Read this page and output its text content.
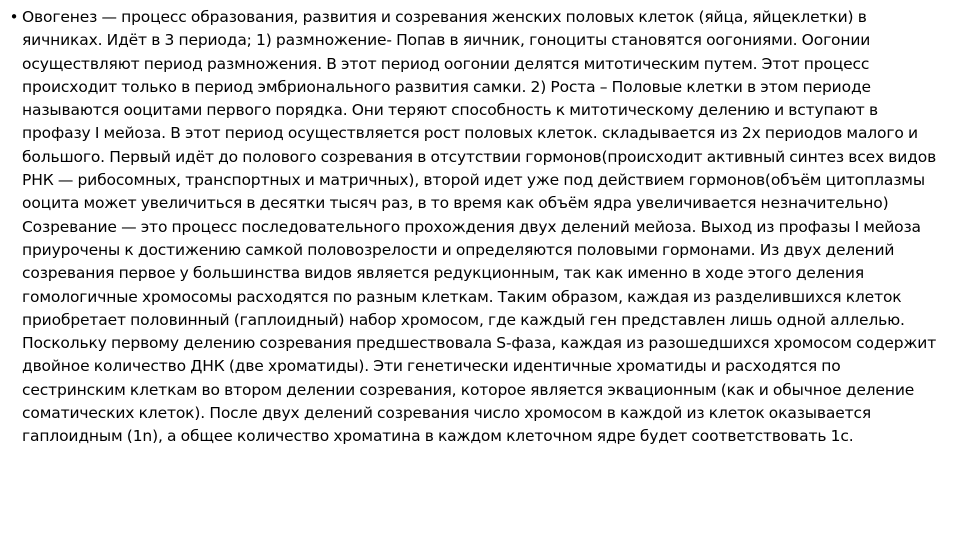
• Овогенез — процесс образования, развития и созревания женских половых клеток (яйца, яйцеклетки) в яичниках. Идёт в 3 периода; 1) размножение- Попав в яичник, гоноциты становятся оогониями. Оогонии осуществляют период размножения. В этот период оогонии делятся митотическим путем. Этот процесс происходит только в период эмбрионального развития самки. 2) Роста – Половые клетки в этом периоде называются ооцитами первого порядка. Они теряют способность к митотическому делению и вступают в профазу I мейоза. В этот период осуществляется рост половых клеток. складывается из 2х периодов малого и большого. Первый идёт до полового созревания в отсутствии гормонов(происходит активный синтез всех видов РНК — рибосомных, транспортных и матричных), второй идет уже под действием гормонов(объём цитоплазмы ооцита может увеличиться в десятки тысяч раз, в то время как объём ядра увеличивается незначительно) Созревание — это процесс последовательного прохождения двух делений мейоза. Выход из профазы I мейоза приурочены к достижению самкой половозрелости и определяются половыми гормонами. Из двух делений созревания первое у большинства видов является редукционным, так как именно в ходе этого деления гомологичные хромосомы расходятся по разным клеткам. Таким образом, каждая из разделившихся клеток приобретает половинный (гаплоидный) набор хромосом, где каждый ген представлен лишь одной аллелью. Поскольку первому делению созревания предшествовала S-фаза, каждая из разошедшихся хромосом содержит двойное количество ДНК (две хроматиды). Эти генетически идентичные хроматиды и расходятся по сестринским клеткам во втором делении созревания, которое является эквационным (как и обычное деление соматических клеток). После двух делений созревания число хромосом в каждой из клеток оказывается гаплоидным (1n), а общее количество хроматина в каждом клеточном ядре будет соответствовать 1с.
